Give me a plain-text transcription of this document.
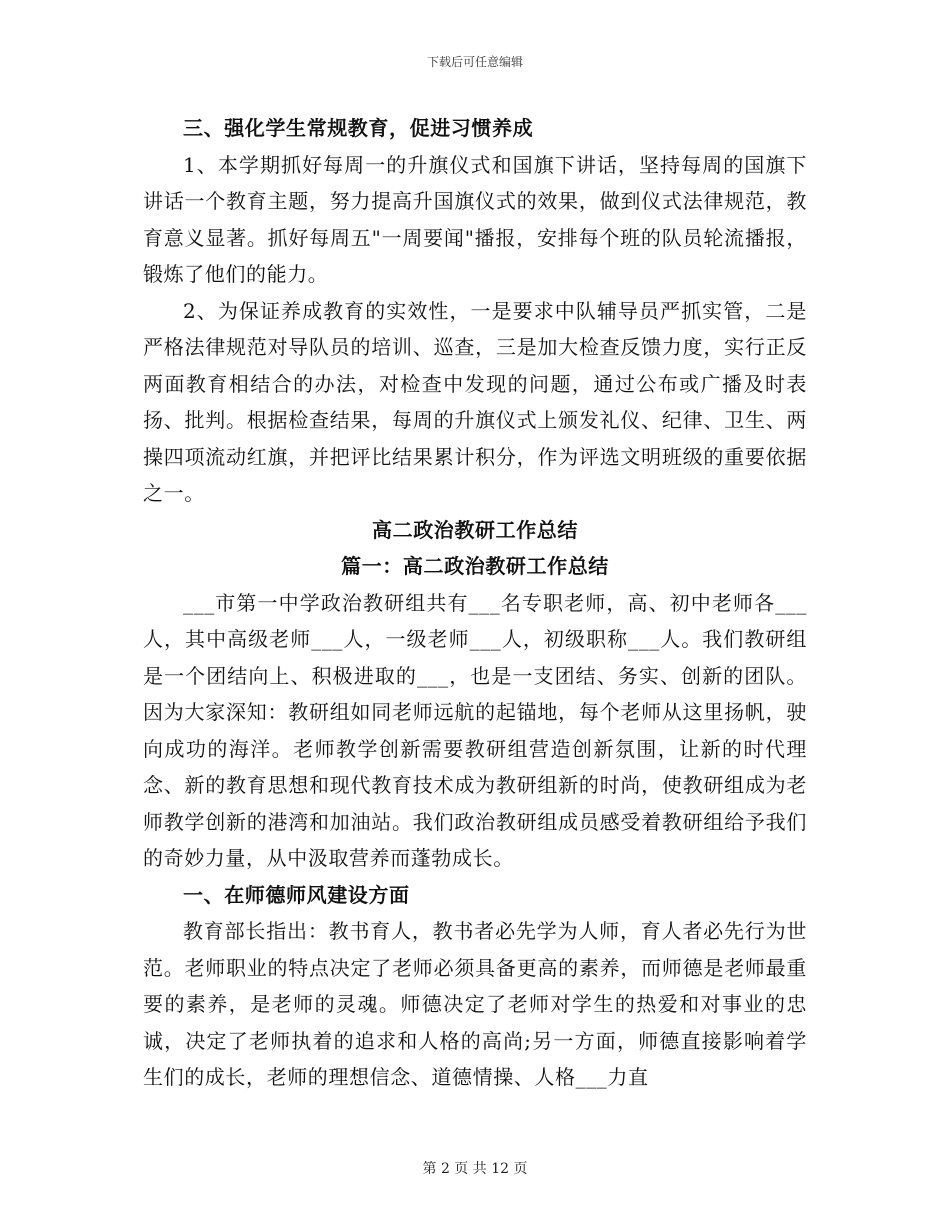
下载后可任意编辑

三、强化学生常规教育，促进习惯养成

1、本学期抓好每周一的升旗仪式和国旗下讲话，坚持每周的国旗下讲话一个教育主题，努力提高升国旗仪式的效果，做到仪式法律规范，教育意义显著。抓好每周五"一周要闻"播报，安排每个班的队员轮流播报，锻炼了他们的能力。

2、为保证养成教育的实效性，一是要求中队辅导员严抓实管，二是严格法律规范对导队员的培训、巡查，三是加大检查反馈力度，实行正反两面教育相结合的办法，对检查中发现的问题，通过公布或广播及时表扬、批判。根据检查结果，每周的升旗仪式上颁发礼仪、纪律、卫生、两操四项流动红旗，并把评比结果累计积分，作为评选文明班级的重要依据之一。

高二政治教研工作总结

篇一：高二政治教研工作总结

___市第一中学政治教研组共有___名专职老师，高、初中老师各___人，其中高级老师___人，一级老师___人，初级职称___人。我们教研组是一个团结向上、积极进取的___，也是一支团结、务实、创新的团队。因为大家深知：教研组如同老师远航的起锚地，每个老师从这里扬帆，驶向成功的海洋。老师教学创新需要教研组营造创新氛围，让新的时代理念、新的教育思想和现代教育技术成为教研组新的时尚，使教研组成为老师教学创新的港湾和加油站。我们政治教研组成员感受着教研组给予我们的奇妙力量，从中汲取营养而蓬勃成长。

一、在师德师风建设方面

教育部长指出：教书育人，教书者必先学为人师，育人者必先行为世范。老师职业的特点决定了老师必须具备更高的素养，而师德是老师最重要的素养，是老师的灵魂。师德决定了老师对学生的热爱和对事业的忠诚，决定了老师执着的追求和人格的高尚;另一方面，师德直接影响着学生们的成长，老师的理想信念、道德情操、人格___力直

第 2 页 共 12 页
